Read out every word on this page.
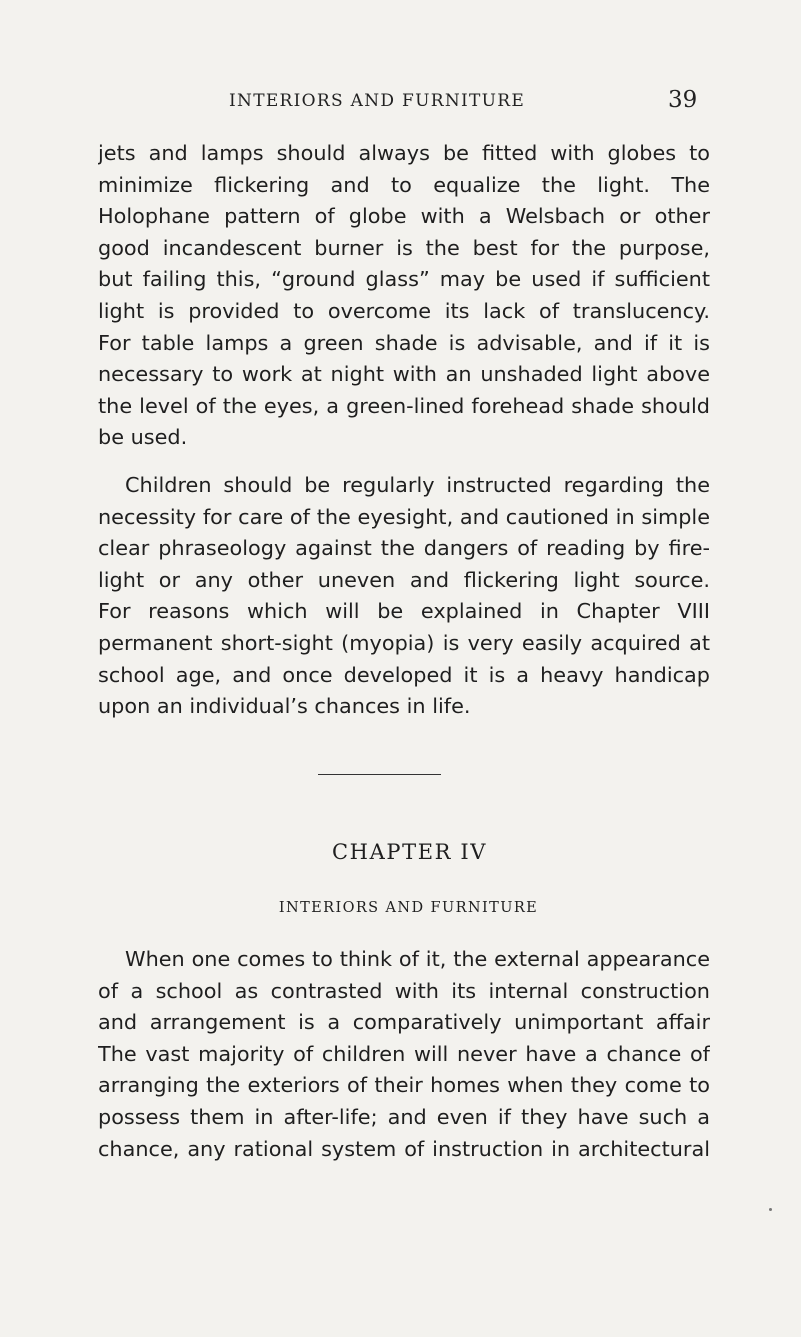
INTERIORS AND FURNITURE	39
jets and lamps should always be fitted with globes to
minimize flickering and to equalize the light. The
Holophane pattern of globe with a Welsbach or other
good incandescent burner is the best for the purpose,
but failing this, “ground glass” may be used if sufficient
light is provided to overcome its lack of translucency.
For table lamps a green shade is advisable, and if it is
necessary to work at night with an unshaded light above
the level of the eyes, a green-lined forehead shade should
be used.
Children should be regularly instructed regarding the
necessity for care of the eyesight, and cautioned in simple
clear phraseology against the dangers of reading by fire-
light or any other uneven and flickering light source.
For reasons which will be explained in Chapter VIII
permanent short-sight (myopia) is very easily acquired at
school age, and once developed it is a heavy handicap
upon an individual’s chances in life.
CHAPTER IV
INTERIORS AND FURNITURE
When one comes to think of it, the external appearance
of a school as contrasted with its internal construction
and arrangement is a comparatively unimportant affair
The vast majority of children will never have a chance of
arranging the exteriors of their homes when they come to
possess them in after-life; and even if they have such a
chance, any rational system of instruction in architectural
